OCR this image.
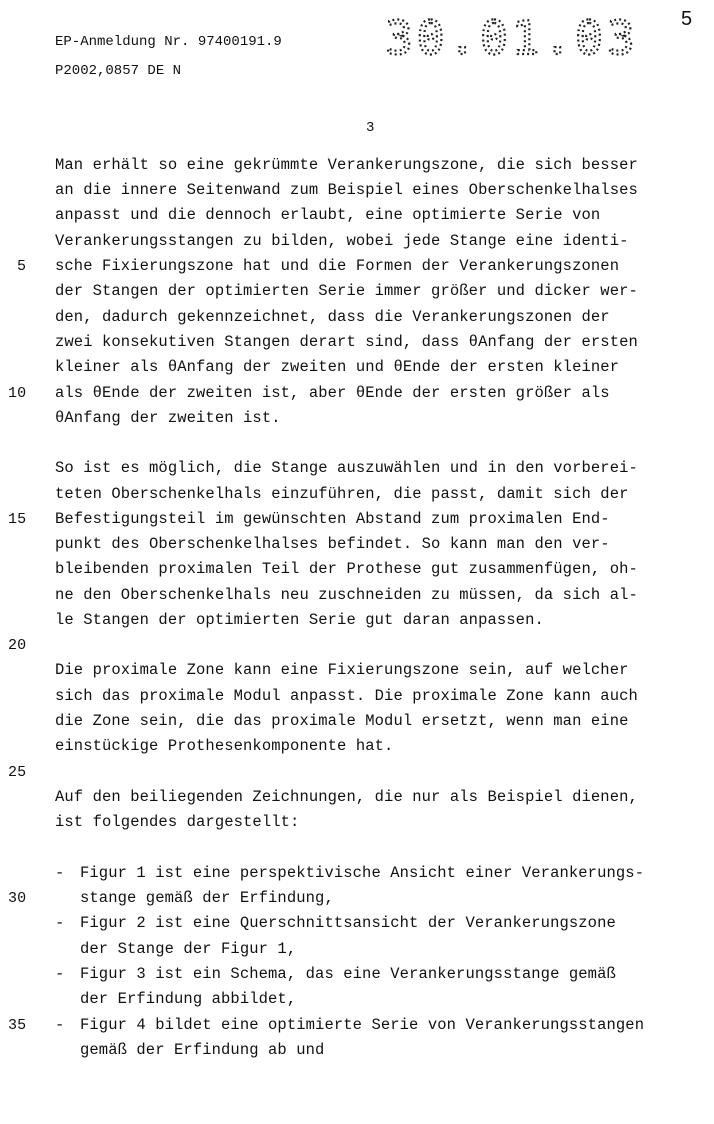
EP-Anmeldung Nr. 97400191.9
P2002,0857 DE N
30.01.03 5
3
Man erhält so eine gekrümmte Verankerungszone, die sich besser
an die innere Seitenwand zum Beispiel eines Oberschenkelhalses
anpasst und die dennoch erlaubt, eine optimierte Serie von
Verankerungsstangen zu bilden, wobei jede Stange eine identi-
sche Fixierungszone hat und die Formen der Verankerungszonen
der Stangen der optimierten Serie immer größer und dicker wer-
den, dadurch gekennzeichnet, dass die Verankerungszonen der
zwei konsekutiven Stangen derart sind, dass θAnfang der ersten
kleiner als θAnfang der zweiten und θEnde der ersten kleiner
als θEnde der zweiten ist, aber θEnde der ersten größer als
θAnfang der zweiten ist.
So ist es möglich, die Stange auszuwählen und in den vorberei-
teten Oberschenkelhals einzuführen, die passt, damit sich der
Befestigungsteil im gewünschten Abstand zum proximalen End-
punkt des Oberschenkelhalses befindet. So kann man den ver-
bleibenden proximalen Teil der Prothese gut zusammenfügen, oh-
ne den Oberschenkelhals neu zuschneiden zu müssen, da sich al-
le Stangen der optimierten Serie gut daran anpassen.
Die proximale Zone kann eine Fixierungszone sein, auf welcher
sich das proximale Modul anpasst. Die proximale Zone kann auch
die Zone sein, die das proximale Modul ersetzt, wenn man eine
einstückige Prothesenkomponente hat.
Auf den beiliegenden Zeichnungen, die nur als Beispiel dienen,
ist folgendes dargestellt:
- Figur 1 ist eine perspektivische Ansicht einer Verankerungs-
stange gemäß der Erfindung,
- Figur 2 ist eine Querschnittsansicht der Verankerungszone
der Stange der Figur 1,
- Figur 3 ist ein Schema, das eine Verankerungsstange gemäß
der Erfindung abbildet,
- Figur 4 bildet eine optimierte Serie von Verankerungsstangen
gemäß der Erfindung ab und
5
10
15
20
25
30
35
